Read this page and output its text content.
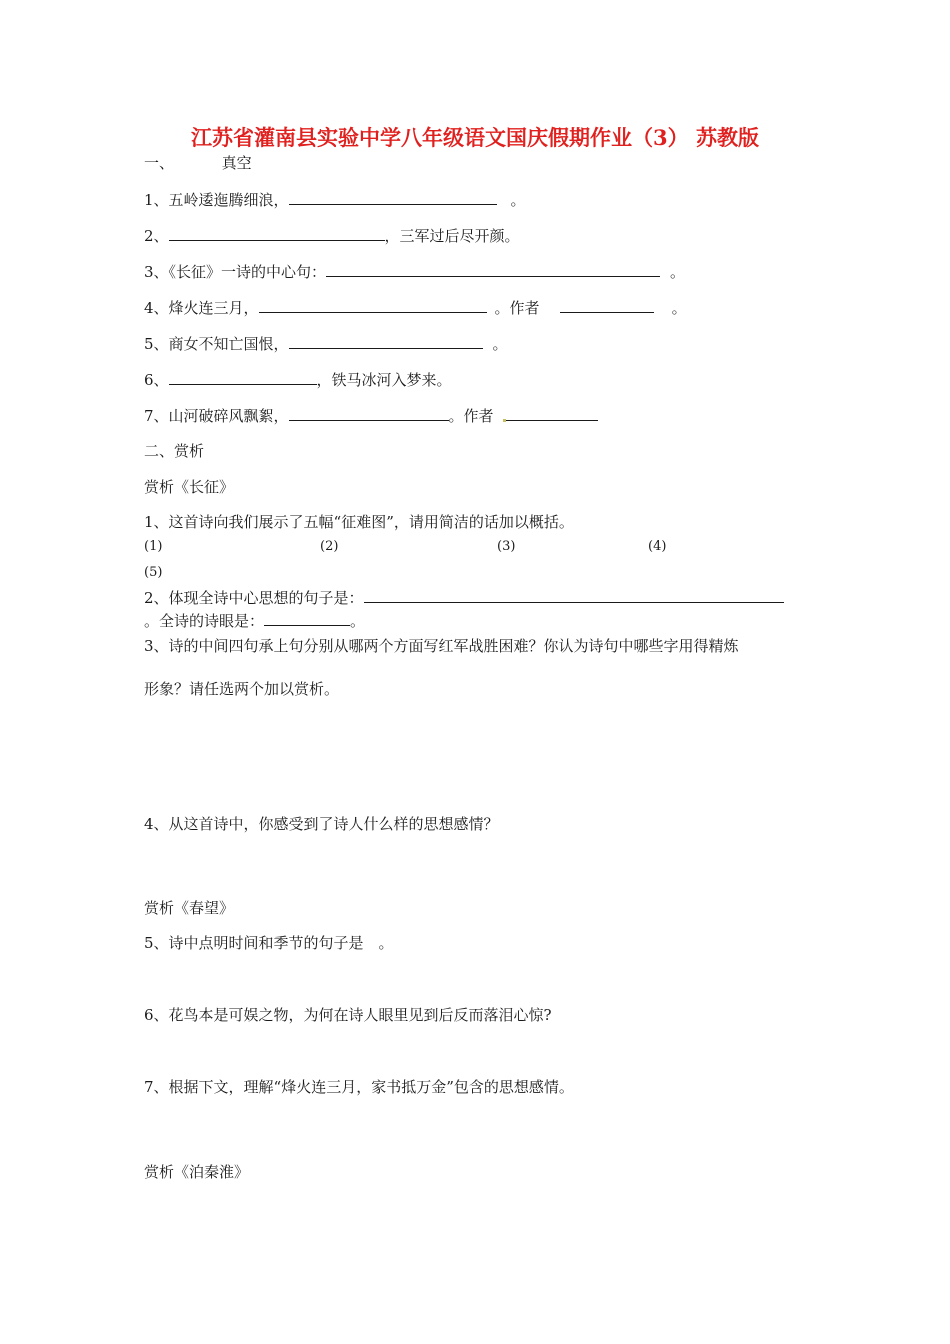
江苏省灌南县实验中学八年级语文国庆假期作业（3） 苏教版
一、	真空
1、五岭逶迤腾细浪，	。
2、	，三军过后尽开颜。
3、《长征》一诗的中心句：	。
4、烽火连三月，	。作者	。
5、商女不知亡国恨，	。
6、	，铁马冰河入梦来。
7、山河破碎风飘絮，	。作者
二、赏析
赏析《长征》
1、这首诗向我们展示了五幅“征难图”，请用简洁的话加以概括。
(1)	(2)	(3)	(4)
(5)
2、体现全诗中心思想的句子是：
。全诗的诗眼是：	。
3、诗的中间四句承上句分别从哪两个方面写红军战胜困难？你认为诗句中哪些字用得精炼
形象？请任选两个加以赏析。
4、从这首诗中，你感受到了诗人什么样的思想感情？
赏析《春望》
5、诗中点明时间和季节的句子是　。
6、花鸟本是可娱之物，为何在诗人眼里见到后反而落泪心惊?
7、根据下文，理解“烽火连三月，家书抵万金”包含的思想感情。
赏析《泊秦淮》
